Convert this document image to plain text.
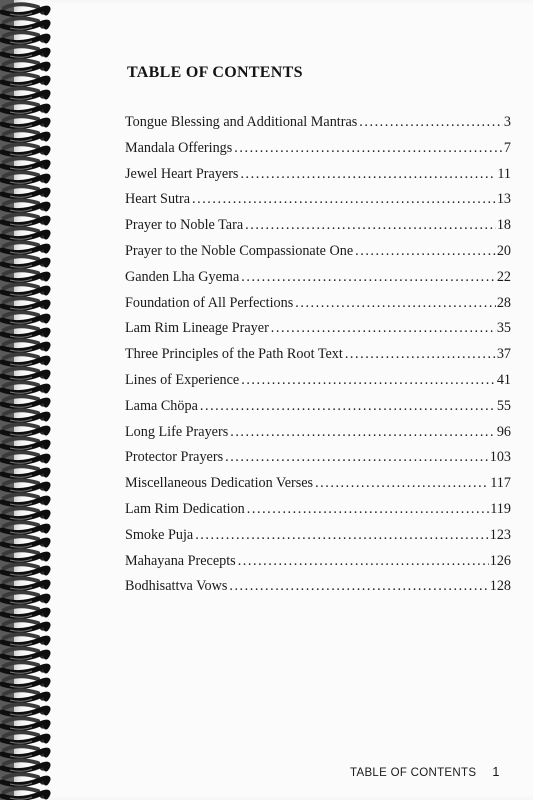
TABLE OF CONTENTS
Tongue Blessing and Additional Mantras . . .	3
Mandala Offerings . . .	7
Jewel Heart Prayers . . .	11
Heart Sutra . . .	13
Prayer to Noble Tara . . .	18
Prayer to the Noble Compassionate One . . .	20
Ganden Lha Gyema . . .	22
Foundation of All Perfections . . .	28
Lam Rim Lineage Prayer . . .	35
Three Principles of the Path Root Text . . .	37
Lines of Experience . . .	41
Lama Chöpa . . .	55
Long Life Prayers . . .	96
Protector Prayers . . .	103
Miscellaneous Dedication Verses . . .	117
Lam Rim Dedication . . .	119
Smoke Puja . . .	123
Mahayana Precepts . . .	126
Bodhisattva Vows . . .	128
TABLE OF CONTENTS 1
